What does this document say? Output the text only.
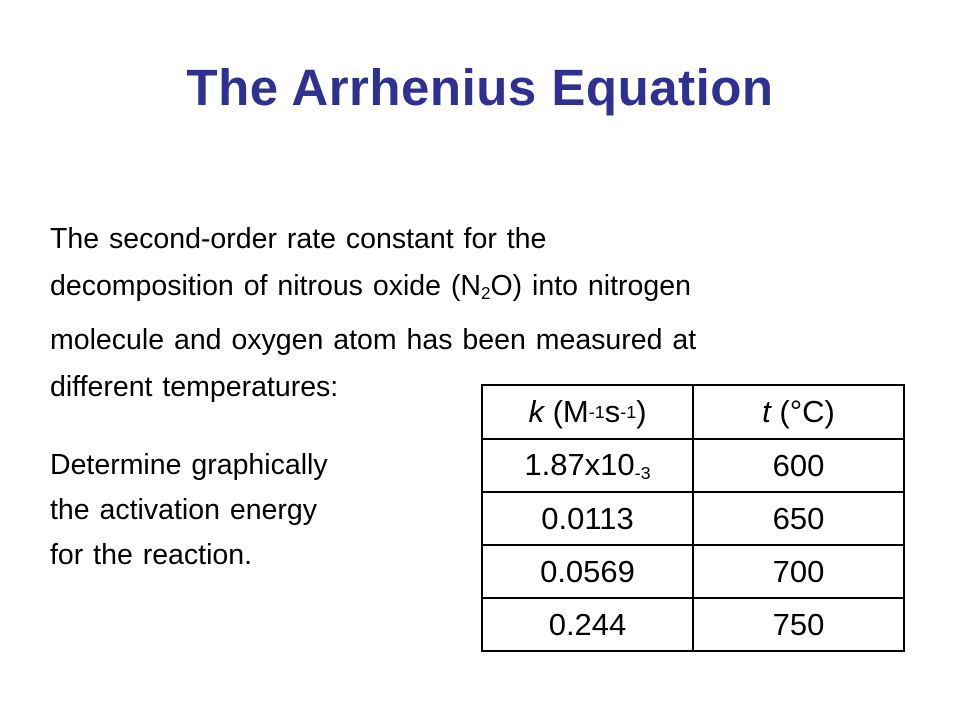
The Arrhenius Equation

The second-order rate constant for the

decomposition of nitrous oxide $(N_2O)$ into nitrogen

molecule and oxygen atom has been measured at

different temperatures:

Determine graphically

the activation energy

for the reaction.

k $(M^{-1}s^{-1})$	t (°C)
$1.87x10^{-3}$	600
0.0113	650
0.0569	700
0.244	750
